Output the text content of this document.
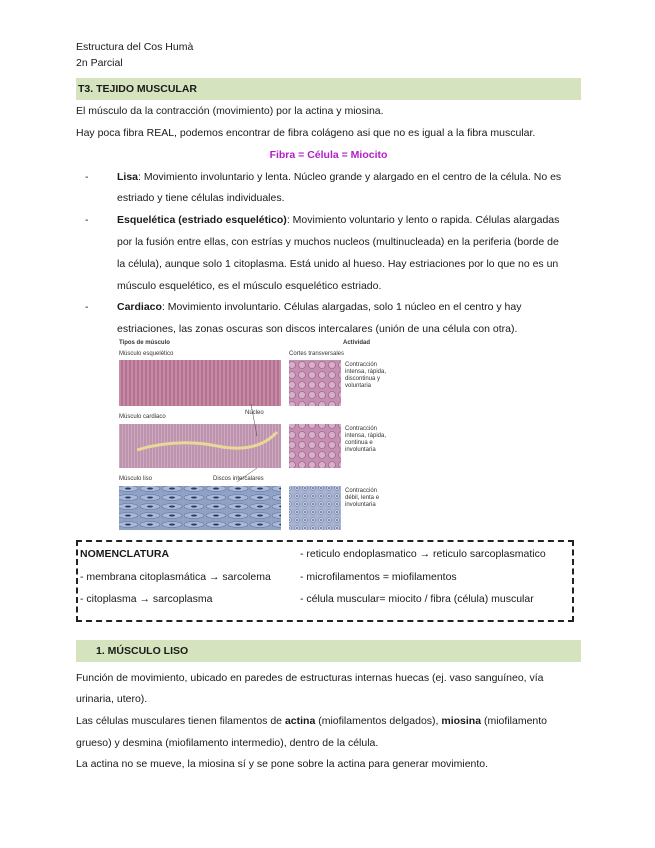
Estructura del Cos Humà
2n Parcial
T3. TEJIDO MUSCULAR
El músculo da la contracción (movimiento) por la actina y miosina.
Hay poca fibra REAL, podemos encontrar de fibra colágeno asi que no es igual a la fibra muscular.
Fibra = Célula = Miocito
-	Lisa: Movimiento involuntario y lenta. Núcleo grande y alargado en el centro de la célula. No es
estriado y tiene células individuales.
-	Esquelética (estriado esquelético): Movimiento voluntario y lento o rapida. Células alargadas
por la fusión entre ellas, con estrías y muchos nucleos (multinucleada) en la periferia (borde de
la célula), aunque solo 1 citoplasma. Está unido al hueso. Hay estriaciones por lo que no es un
músculo esquelético, es el músculo esquelético estriado.
-	Cardiaco: Movimiento involuntario. Células alargadas, solo 1 núcleo en el centro y hay
estriaciones, las zonas oscuras son discos intercalares (unión de una célula con otra).
Tipos de músculo	Actividad
Músculo esquelético	Cortes transversales
Contracción
intensa, rápida,
discontinua y
voluntaria
Músculo cardiaco
Núcleo
Contracción
intensa, rápida,
continua e
involuntaria
Músculo liso	Discos intercalares
Contracción
débil, lenta e
involuntaria
NOMENCLATURA
- membrana citoplasmática → sarcolema
- citoplasma → sarcoplasma
- reticulo endoplasmatico → reticulo sarcoplasmatico
- microfilamentos = miofilamentos
- célula muscular= miocito / fibra (célula) muscular
1. MÚSCULO LISO
Función de movimiento, ubicado en paredes de estructuras internas huecas (ej. vaso sanguíneo, vía
urinaria, utero).
Las células musculares tienen filamentos de actina (miofilamentos delgados), miosina (miofilamento
grueso) y desmina (miofilamento intermedio), dentro de la célula.
La actina no se mueve, la miosina sí y se pone sobre la actina para generar movimiento.
